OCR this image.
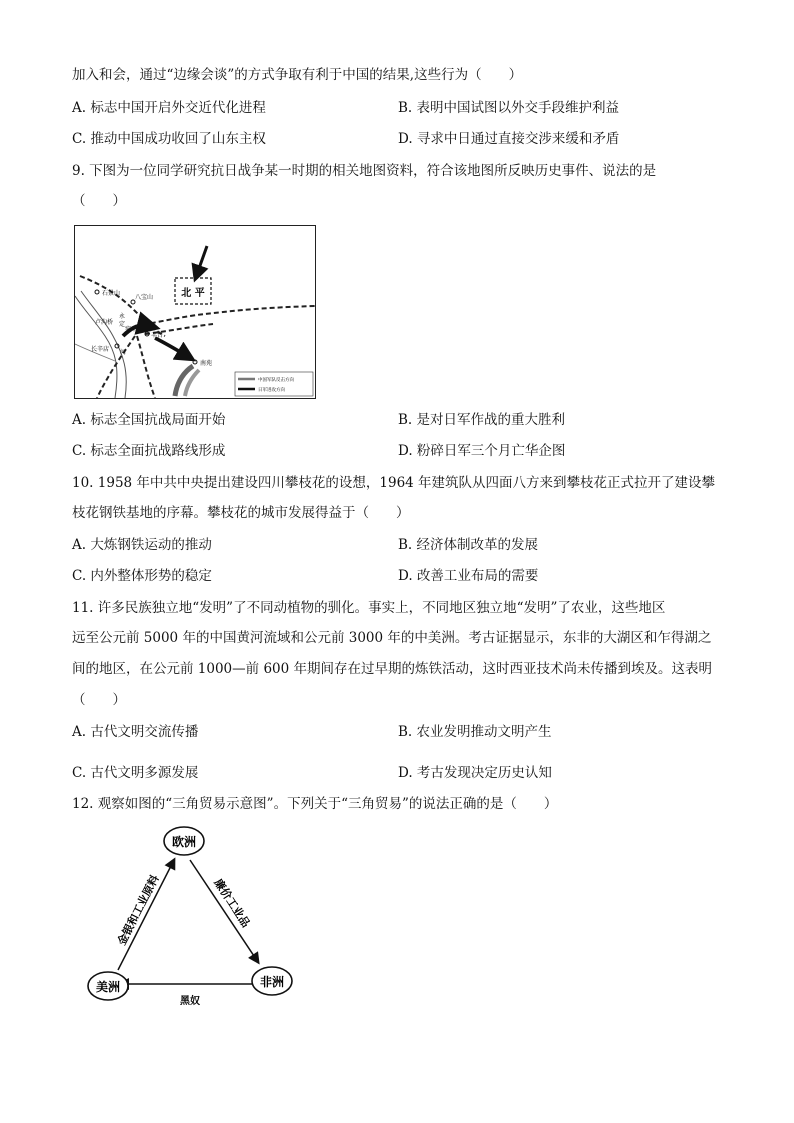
加入和会，通过“边缘会谈”的方式争取有利于中国的结果,这些行为（　　）
A. 标志中国开启外交近代化进程	B. 表明中国试图以外交手段维护利益
C. 推动中国成功收回了山东主权	D. 寻求中日通过直接交涉来缓和矛盾
9. 下图为一位同学研究抗日战争某一时期的相关地图资料，符合该地图所反映历史事件、说法的是
（　　）
北 平
石景山
八宝山
宛平
卢沟桥
长辛店
丰台
南苑
永
定
河
中国军队反击方向
日军进攻方向
A. 标志全国抗战局面开始	B. 是对日军作战的重大胜利
C. 标志全面抗战路线形成	D. 粉碎日军三个月亡华企图
10. 1958 年中共中央提出建设四川攀枝花的设想，1964 年建筑队从四面八方来到攀枝花正式拉开了建设攀
枝花钢铁基地的序幕。攀枝花的城市发展得益于（　　）
A. 大炼钢铁运动的推动	B. 经济体制改革的发展
C. 内外整体形势的稳定	D. 改善工业布局的需要
11. 许多民族独立地“发明”了不同动植物的驯化。事实上，不同地区独立地“发明”了农业，这些地区
远至公元前 5000 年的中国黄河流域和公元前 3000 年的中美洲。考古证据显示，东非的大湖区和乍得湖之
间的地区，在公元前 1000—前 600 年期间存在过早期的炼铁活动，这时西亚技术尚未传播到埃及。这表明
（　　）
A. 古代文明交流传播	B. 农业发明推动文明产生
C. 古代文明多源发展	D. 考古发现决定历史认知
12. 观察如图的“三角贸易示意图”。下列关于“三角贸易”的说法正确的是（　　）
欧洲
非洲
美洲
廉价工业品
黑奴
金银和工业原料
